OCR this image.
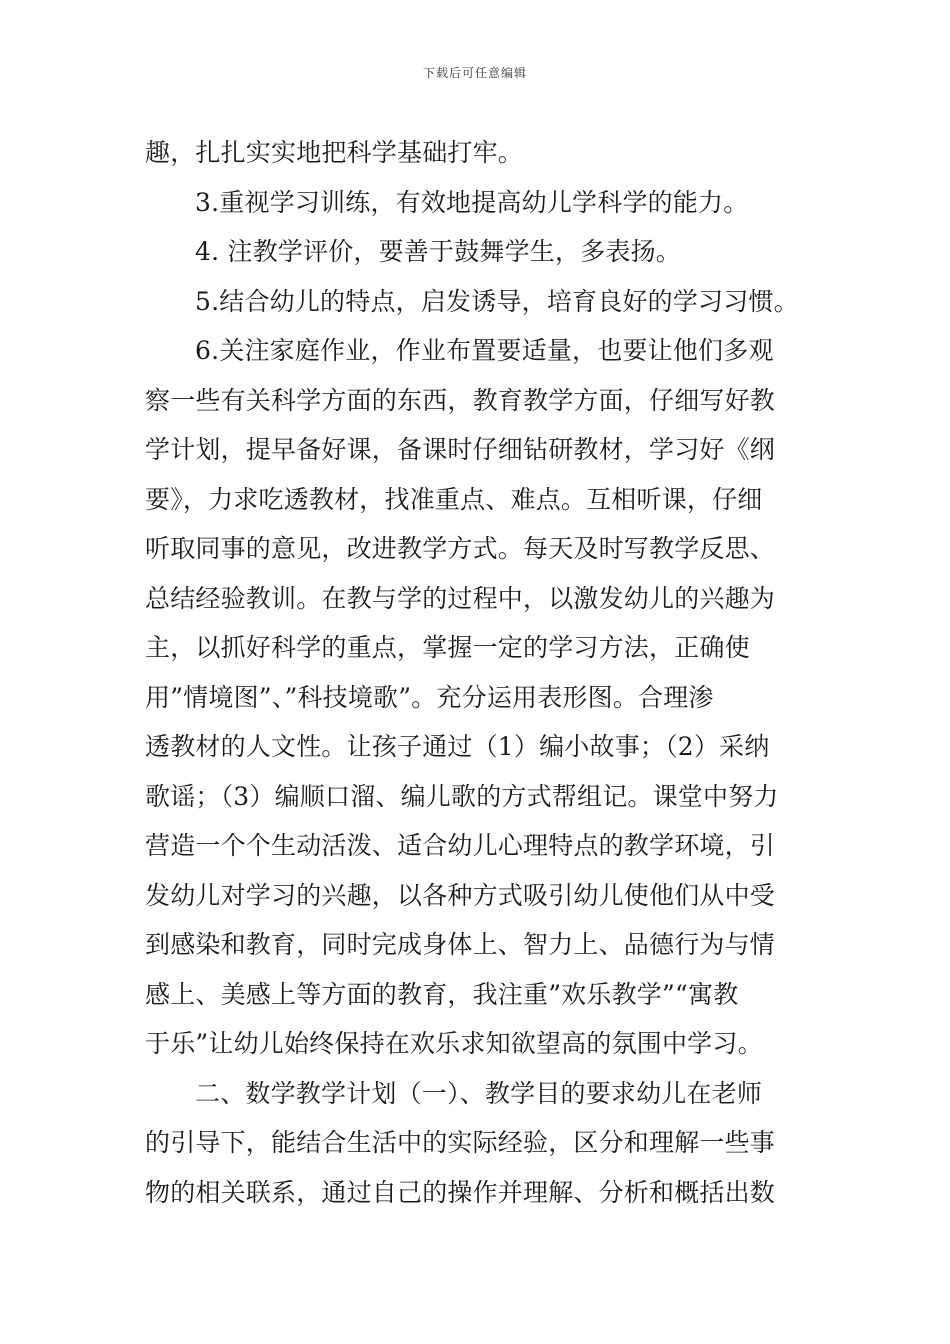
下载后可任意编辑
趣，扎扎实实地把科学基础打牢。
3.重视学习训练，有效地提高幼儿学科学的能力。
4. 注教学评价，要善于鼓舞学生，多表扬。
5.结合幼儿的特点，启发诱导，培育良好的学习习惯。
6.关注家庭作业，作业布置要适量，也要让他们多观
察一些有关科学方面的东西，教育教学方面，仔细写好教
学计划，提早备好课，备课时仔细钻研教材，学习好《纲
要》，力求吃透教材，找准重点、难点。互相听课，仔细
听取同事的意见，改进教学方式。每天及时写教学反思、
总结经验教训。在教与学的过程中，以激发幼儿的兴趣为
主，以抓好科学的重点，掌握一定的学习方法，正确使
用”情境图”、”科技境歌”。充分运用表形图。合理渗
透教材的人文性。让孩子通过（1）编小故事；（2）采纳
歌谣；（3）编顺口溜、编儿歌的方式帮组记。课堂中努力
营造一个个生动活泼、适合幼儿心理特点的教学环境，引
发幼儿对学习的兴趣，以各种方式吸引幼儿使他们从中受
到感染和教育，同时完成身体上、智力上、品德行为与情
感上、美感上等方面的教育，我注重”欢乐教学”“寓教
于乐”让幼儿始终保持在欢乐求知欲望高的氛围中学习。
二、数学教学计划（一）、教学目的要求幼儿在老师
的引导下，能结合生活中的实际经验，区分和理解一些事
物的相关联系，通过自己的操作并理解、分析和概括出数
